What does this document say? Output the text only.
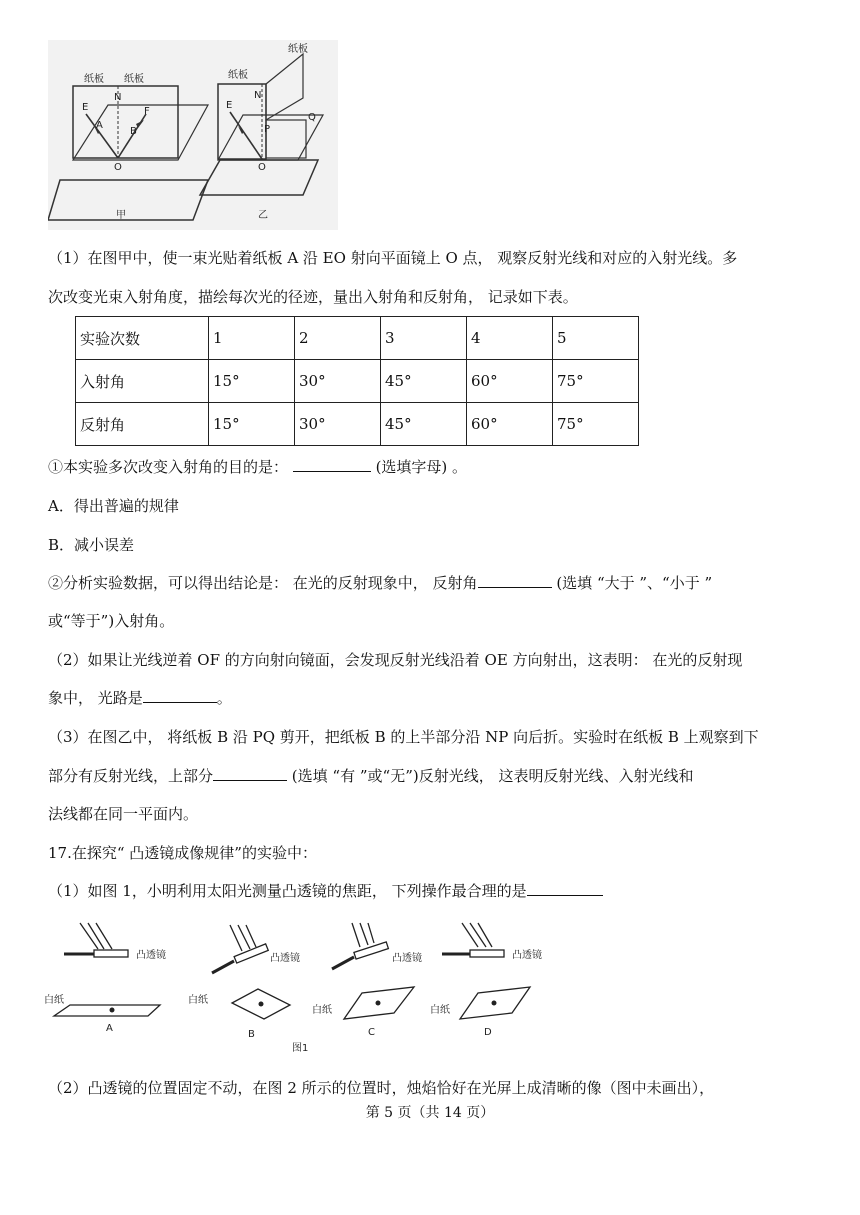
纸板 纸板
N
E
A
B
F
O
甲
纸板
纸板
N
E
P
Q
O
乙
（1）在图甲中，使一束光贴着纸板 A 沿 EO 射向平面镜上 O 点， 观察反射光线和对应的入射光线。多
次改变光束入射角度，描绘每次光的径迹，量出入射角和反射角， 记录如下表。
实验次数	1	2	3	4	5
入射角	15°	30°	45°	60°	75°
反射角	15°	30°	45°	60°	75°
①本实验多次改变入射角的目的是：	(选填字母) 。
A．得出普遍的规律
B．减小误差
②分析实验数据，可以得出结论是： 在光的反射现象中， 反射角	(选填 “大于 ”、“小于 ”
或“等于”)入射角。
（2）如果让光线逆着 OF 的方向射向镜面，会发现反射光线沿着 OE 方向射出，这表明： 在光的反射现
象中， 光路是	。
（3）在图乙中， 将纸板 B 沿 PQ 剪开，把纸板 B 的上半部分沿 NP 向后折。实验时在纸板 B 上观察到下
部分有反射光线，上部分	(选填 “有 ”或“无”)反射光线， 这表明反射光线、入射光线和
法线都在同一平面内。
17.在探究“ 凸透镜成像规律”的实验中：
（1）如图 1，小明利用太阳光测量凸透镜的焦距， 下列操作最合理的是
凸透镜
白纸
A
凸透镜
白纸
B
凸透镜
白纸
C
凸透镜
白纸
D
图1
（2）凸透镜的位置固定不动，在图 2 所示的位置时，烛焰恰好在光屏上成清晰的像（图中未画出），
第 5 页（共 14 页）
